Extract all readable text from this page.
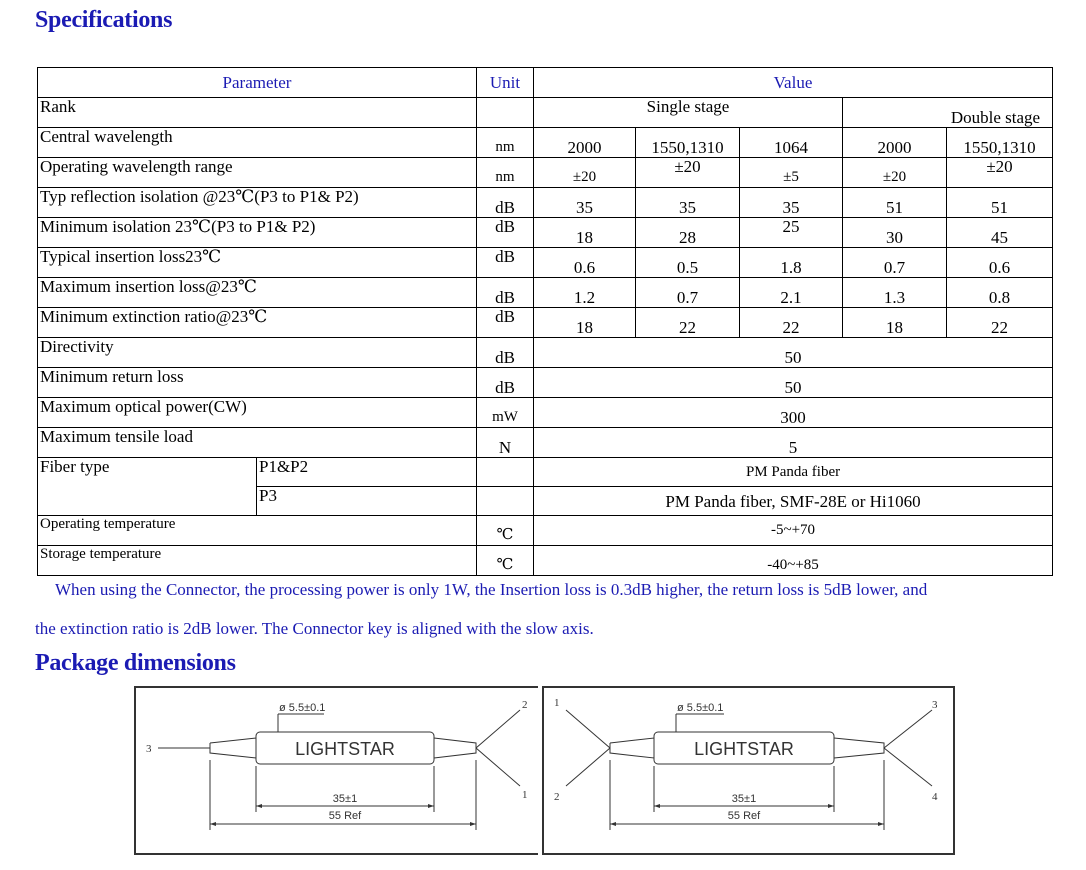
Specifications
Parameter		Unit	Value				
Rank			Single stage			Double stage	
Central wavelength		nm	2000	1550,1310	1064	2000	1550,1310
Operating wavelength range		nm	±20	±20	±5	±20	±20
Typ reflection isolation @23℃(P3 to P1& P2)		dB	35	35	35	51	51
Minimum isolation 23℃(P3 to P1& P2)		dB	18	28	25	30	45
Typical insertion loss23℃		dB	0.6	0.5	1.8	0.7	0.6
Maximum insertion loss@23℃		dB	1.2	0.7	2.1	1.3	0.8
Minimum extinction ratio@23℃		dB	18	22	22	18	22
Directivity		dB	50				
Minimum return loss		dB	50				
Maximum optical power(CW)		mW	300				
Maximum tensile load		N	5				
Fiber type	P1&P2		PM Panda fiber				
	P3		PM Panda fiber, SMF-28E or Hi1060				
Operating temperature		℃	-5~+70				
Storage temperature		℃	-40~+85				
When using the Connector, the processing power is only 1W, the Insertion loss is 0.3dB higher, the return loss is 5dB lower, and
the extinction ratio is 2dB lower. The Connector key is aligned with the slow axis.
Package dimensions
ø 5.5±0.1
LIGHTSTAR
35±1
55 Ref
3
2
1
ø 5.5±0.1
LIGHTSTAR
35±1
55 Ref
1
2
3
4
